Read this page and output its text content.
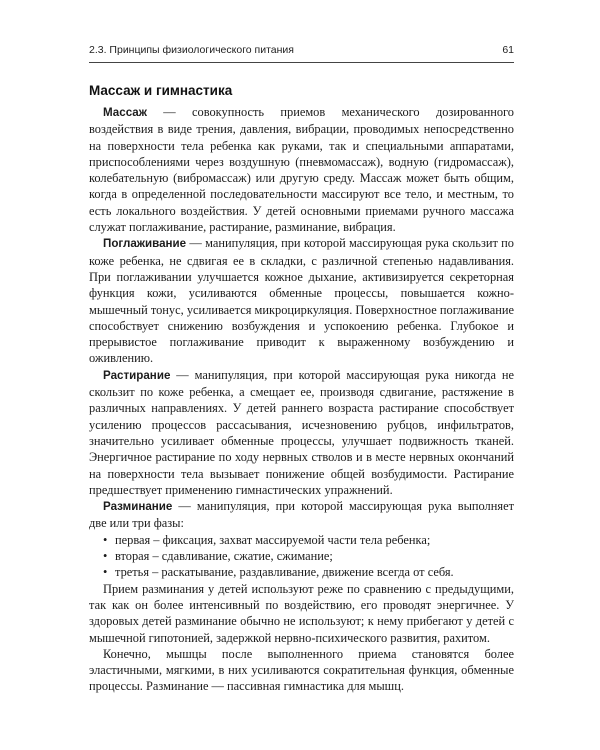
2.3. Принципы физиологического питания	61
Массаж и гимнастика

Массаж — совокупность приемов механического дозированного воздействия в виде трения, давления, вибрации, проводимых непосредственно на поверхности тела ребенка как руками, так и специальными аппаратами, приспособлениями через воздушную (пневмомассаж), водную (гидромассаж), колебательную (вибромассаж) или другую среду. Массаж может быть общим, когда в определенной последовательности массируют все тело, и местным, то есть локального воздействия. У детей основными приемами ручного массажа служат поглаживание, растирание, разминание, вибрация.

Поглаживание — манипуляция, при которой массирующая рука скользит по коже ребенка, не сдвигая ее в складки, с различной степенью надавливания. При поглаживании улучшается кожное дыхание, активизируется секреторная функция кожи, усиливаются обменные процессы, повышается кожно-мышечный тонус, усиливается микроциркуляция. Поверхностное поглаживание способствует снижению возбуждения и успокоению ребенка. Глубокое и прерывистое поглаживание приводит к выраженному возбуждению и оживлению.

Растирание — манипуляция, при которой массирующая рука никогда не скользит по коже ребенка, а смещает ее, производя сдвигание, растяжение в различных направлениях. У детей раннего возраста растирание способствует усилению процессов рассасывания, исчезновению рубцов, инфильтратов, значительно усиливает обменные процессы, улучшает подвижность тканей. Энергичное растирание по ходу нервных стволов и в месте нервных окончаний на поверхности тела вызывает понижение общей возбудимости. Растирание предшествует применению гимнастических упражнений.

Разминание — манипуляция, при которой массирующая рука выполняет две или три фазы:

• первая – фиксация, захват массируемой части тела ребенка;
• вторая – сдавливание, сжатие, сжимание;
• третья – раскатывание, раздавливание, движение всегда от себя.

Прием разминания у детей используют реже по сравнению с предыдущими, так как он более интенсивный по воздействию, его проводят энергичнее. У здоровых детей разминание обычно не используют; к нему прибегают у детей с мышечной гипотонией, задержкой нервно-психического развития, рахитом.

Конечно, мышцы после выполненного приема становятся более эластичными, мягкими, в них усиливаются сократительная функция, обменные процессы. Разминание — пассивная гимнастика для мышц.
